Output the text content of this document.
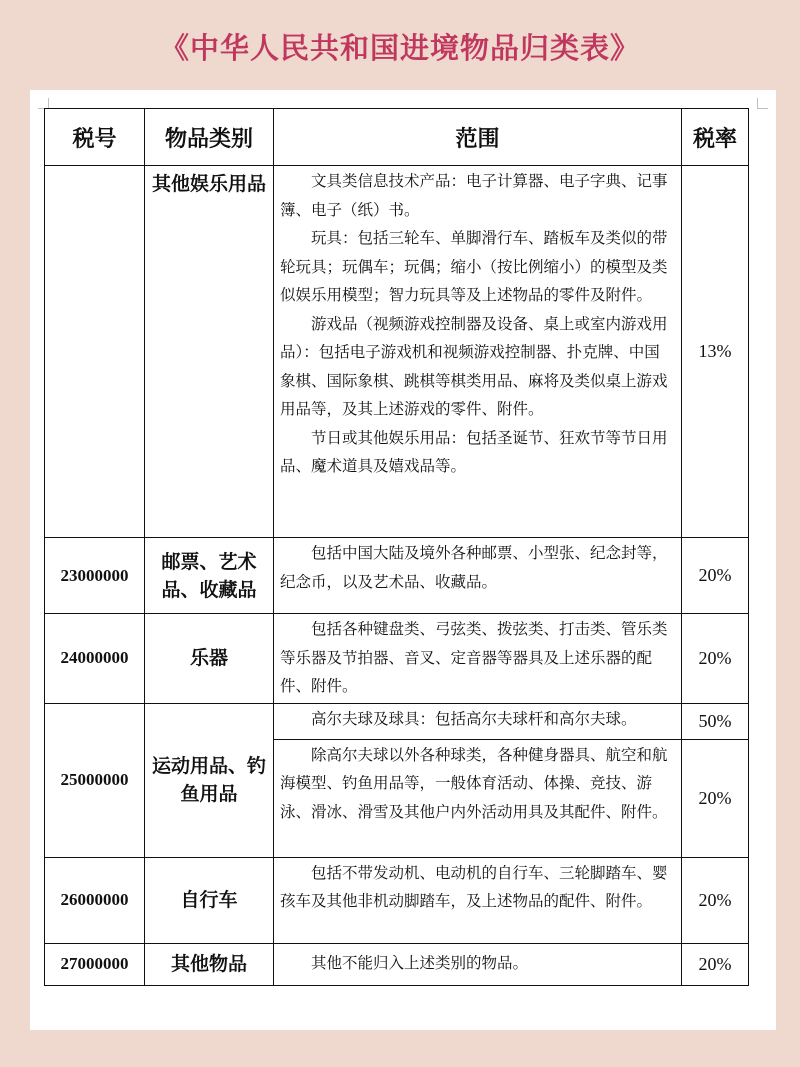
《中华人民共和国进境物品归类表》
税号	物品类别	范围	税率
	其他娱乐用品	文具类信息技术产品：电子计算器、电子字典、记事簿、电子（纸）书。

玩具：包括三轮车、单脚滑行车、踏板车及类似的带轮玩具；玩偶车；玩偶；缩小（按比例缩小）的模型及类似娱乐用模型；智力玩具等及上述物品的零件及附件。

游戏品（视频游戏控制器及设备、桌上或室内游戏用品）：包括电子游戏机和视频游戏控制器、扑克牌、中国象棋、国际象棋、跳棋等棋类用品、麻将及类似桌上游戏用品等，及其上述游戏的零件、附件。

节日或其他娱乐用品：包括圣诞节、狂欢节等节日用品、魔术道具及嬉戏品等。	13%
23000000	邮票、艺术品、收藏品	包括中国大陆及境外各种邮票、小型张、纪念封等，纪念币，以及艺术品、收藏品。	20%
24000000	乐器	包括各种键盘类、弓弦类、拨弦类、打击类、管乐类等乐器及节拍器、音叉、定音器等器具及上述乐器的配件、附件。	20%
25000000	运动用品、钓鱼用品	高尔夫球及球具：包括高尔夫球杆和高尔夫球。	50%

		除高尔夫球以外各种球类，各种健身器具、航空和航海模型、钓鱼用品等，一般体育活动、体操、竞技、游泳、滑冰、滑雪及其他户内外活动用具及其配件、附件。	20%
26000000	自行车	包括不带发动机、电动机的自行车、三轮脚踏车、婴孩车及其他非机动脚踏车，及上述物品的配件、附件。	20%
27000000	其他物品	其他不能归入上述类别的物品。	20%
